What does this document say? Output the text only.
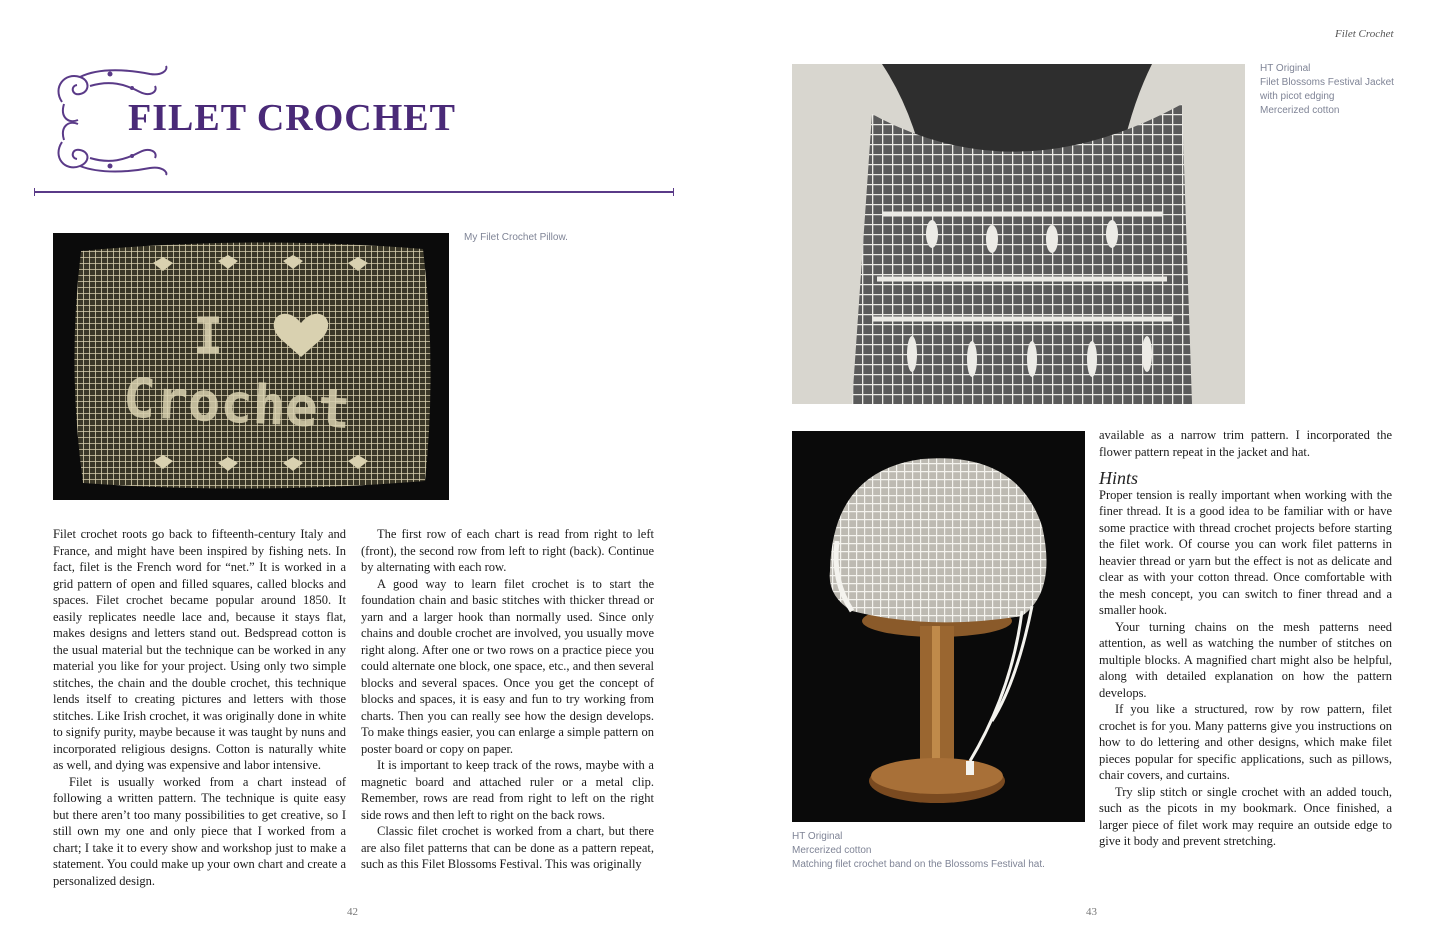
Filet Crochet
FILET CROCHET
I
Crochet
My Filet Crochet Pillow.

Filet crochet roots go back to fifteenth-century Italy and France, and might have been inspired by fishing nets. In fact, filet is the French word for “net.” It is worked in a grid pattern of open and filled squares, called blocks and spaces. Filet crochet became popular around 1850. It easily replicates needle lace and, because it stays flat, makes designs and letters stand out. Bedspread cotton is the usual material but the technique can be worked in any material you like for your project. Using only two simple stitches, the chain and the double crochet, this technique lends itself to creating pictures and letters with those stitches. Like Irish crochet, it was originally done in white to signify purity, maybe because it was taught by nuns and incorporated religious designs. Cotton is naturally white as well, and dying was expensive and labor intensive.

Filet is usually worked from a chart instead of following a written pattern. The technique is quite easy but there aren’t too many possibilities to get creative, so I still own my one and only piece that I worked from a chart; I take it to every show and workshop just to make a statement. You could make up your own chart and create a personalized design.

The first row of each chart is read from right to left (front), the second row from left to right (back). Continue by alternating with each row.

A good way to learn filet crochet is to start the foundation chain and basic stitches with thicker thread or yarn and a larger hook than normally used. Since only chains and double crochet are involved, you usually move right along. After one or two rows on a practice piece you could alternate one block, one space, etc., and then several blocks and several spaces. Once you get the concept of blocks and spaces, it is easy and fun to try working from charts. Then you can really see how the design develops. To make things easier, you can enlarge a simple pattern on poster board or copy on paper.

It is important to keep track of the rows, maybe with a magnetic board and attached ruler or a metal clip. Remember, rows are read from right to left on the right side rows and then left to right on the back rows.

Classic filet crochet is worked from a chart, but there are also filet patterns that can be done as a pattern repeat, such as this Filet Blossoms Festival. This was originally

HT Original
Filet Blossoms Festival Jacket
with picot edging
Mercerized cotton
HT Original
Mercerized cotton
Matching filet crochet band on the Blossoms Festival hat.

available as a narrow trim pattern. I incorporated the flower pattern repeat in the jacket and hat.

Hints

Proper tension is really important when working with the finer thread. It is a good idea to be familiar with or have some practice with thread crochet projects before starting the filet work. Of course you can work filet patterns in heavier thread or yarn but the effect is not as delicate and clear as with your cotton thread. Once comfortable with the mesh concept, you can switch to finer thread and a smaller hook.

Your turning chains on the mesh patterns need attention, as well as watching the number of stitches on multiple blocks. A magnified chart might also be helpful, along with detailed explanation on how the pattern develops.

If you like a structured, row by row pattern, filet crochet is for you. Many patterns give you instructions on how to do lettering and other designs, which make filet pieces popular for specific applications, such as pillows, chair covers, and curtains.

Try slip stitch or single crochet with an added touch, such as the picots in my bookmark. Once finished, a larger piece of filet work may require an outside edge to give it body and prevent stretching.

42	43
